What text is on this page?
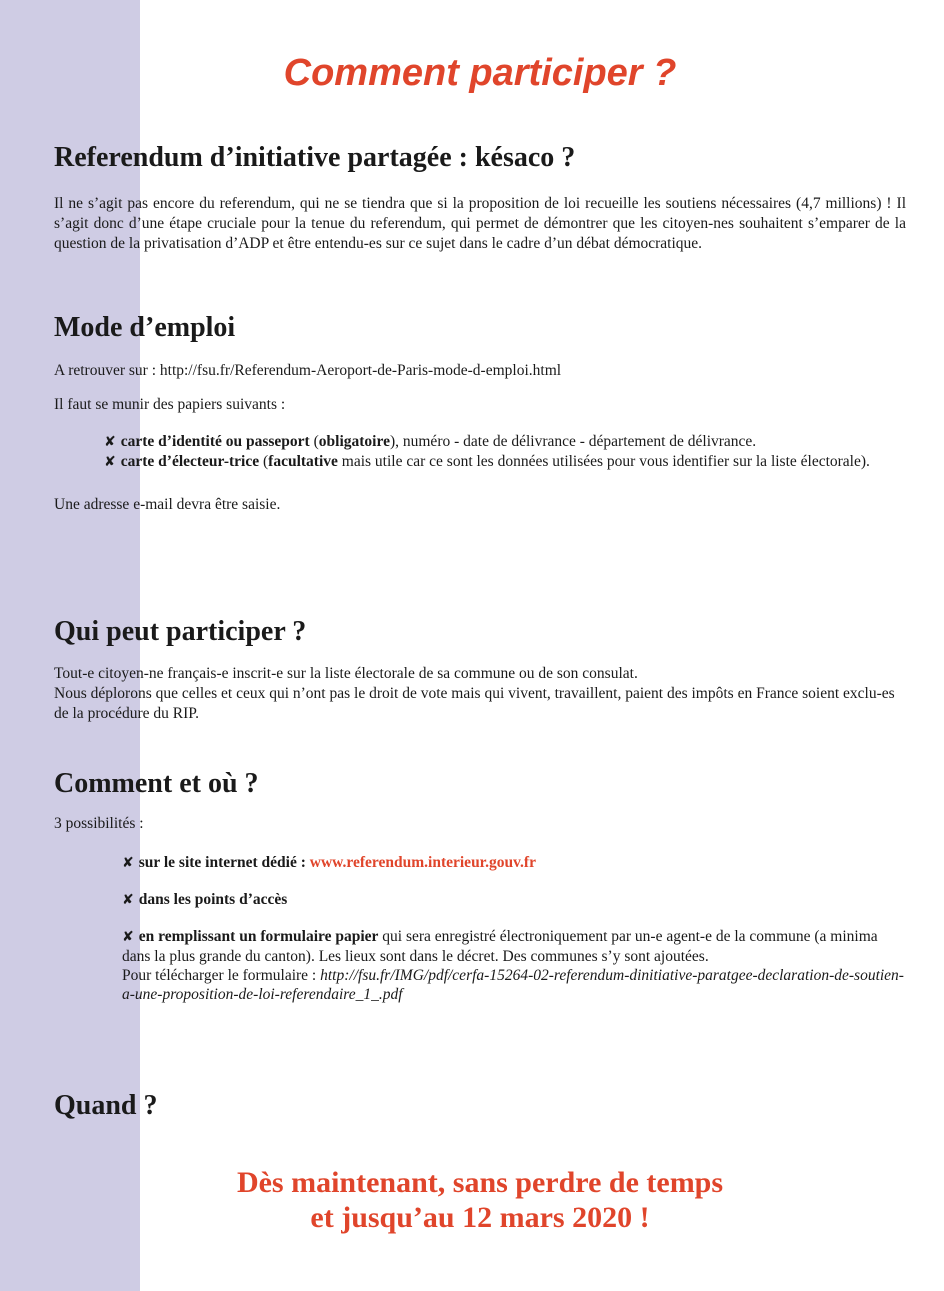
Comment participer ?
Referendum d’initiative partagée : késaco ?

Il ne s’agit pas encore du referendum, qui ne se tiendra que si la proposition de loi recueille les soutiens nécessaires (4,7 millions) ! Il s’agit donc d’une étape cruciale pour la tenue du referendum, qui permet de démontrer que les citoyen-nes souhaitent s’emparer de la question de la privatisation d’ADP et être entendu-es sur ce sujet dans le cadre d’un débat démocratique.

Mode d’emploi

A retrouver sur : http://fsu.fr/Referendum-Aeroport-de-Paris-mode-d-emploi.html

Il faut se munir des papiers suivants :

✘ carte d’identité ou passeport (obligatoire), numéro - date de délivrance - département de délivrance.
✘ carte d’électeur-trice (facultative mais utile car ce sont les données utilisées pour vous identifier sur la liste électorale).

Une adresse e-mail devra être saisie.

Qui peut participer ?

Tout-e citoyen-ne français-e inscrit-e sur la liste électorale de sa commune ou de son consulat.
Nous déplorons que celles et ceux qui n’ont pas le droit de vote mais qui vivent, travaillent, paient des impôts en France soient exclu-es de la procédure du RIP.

Comment et où ?

3 possibilités :

✘ sur le site internet dédié : www.referendum.interieur.gouv.fr
✘ dans les points d’accès
✘ en remplissant un formulaire papier qui sera enregistré électroniquement par un-e agent-e de la commune (a minima dans la plus grande du canton). Les lieux sont dans le décret. Des communes s’y sont ajoutées.
Pour télécharger le formulaire : http://fsu.fr/IMG/pdf/cerfa-15264-02-referendum-dinitiative-paratgee-declaration-de-soutien-a-une-proposition-de-loi-referendaire_1_.pdf
Quand ?
Dès maintenant, sans perdre de temps
et jusqu’au 12 mars 2020 !
